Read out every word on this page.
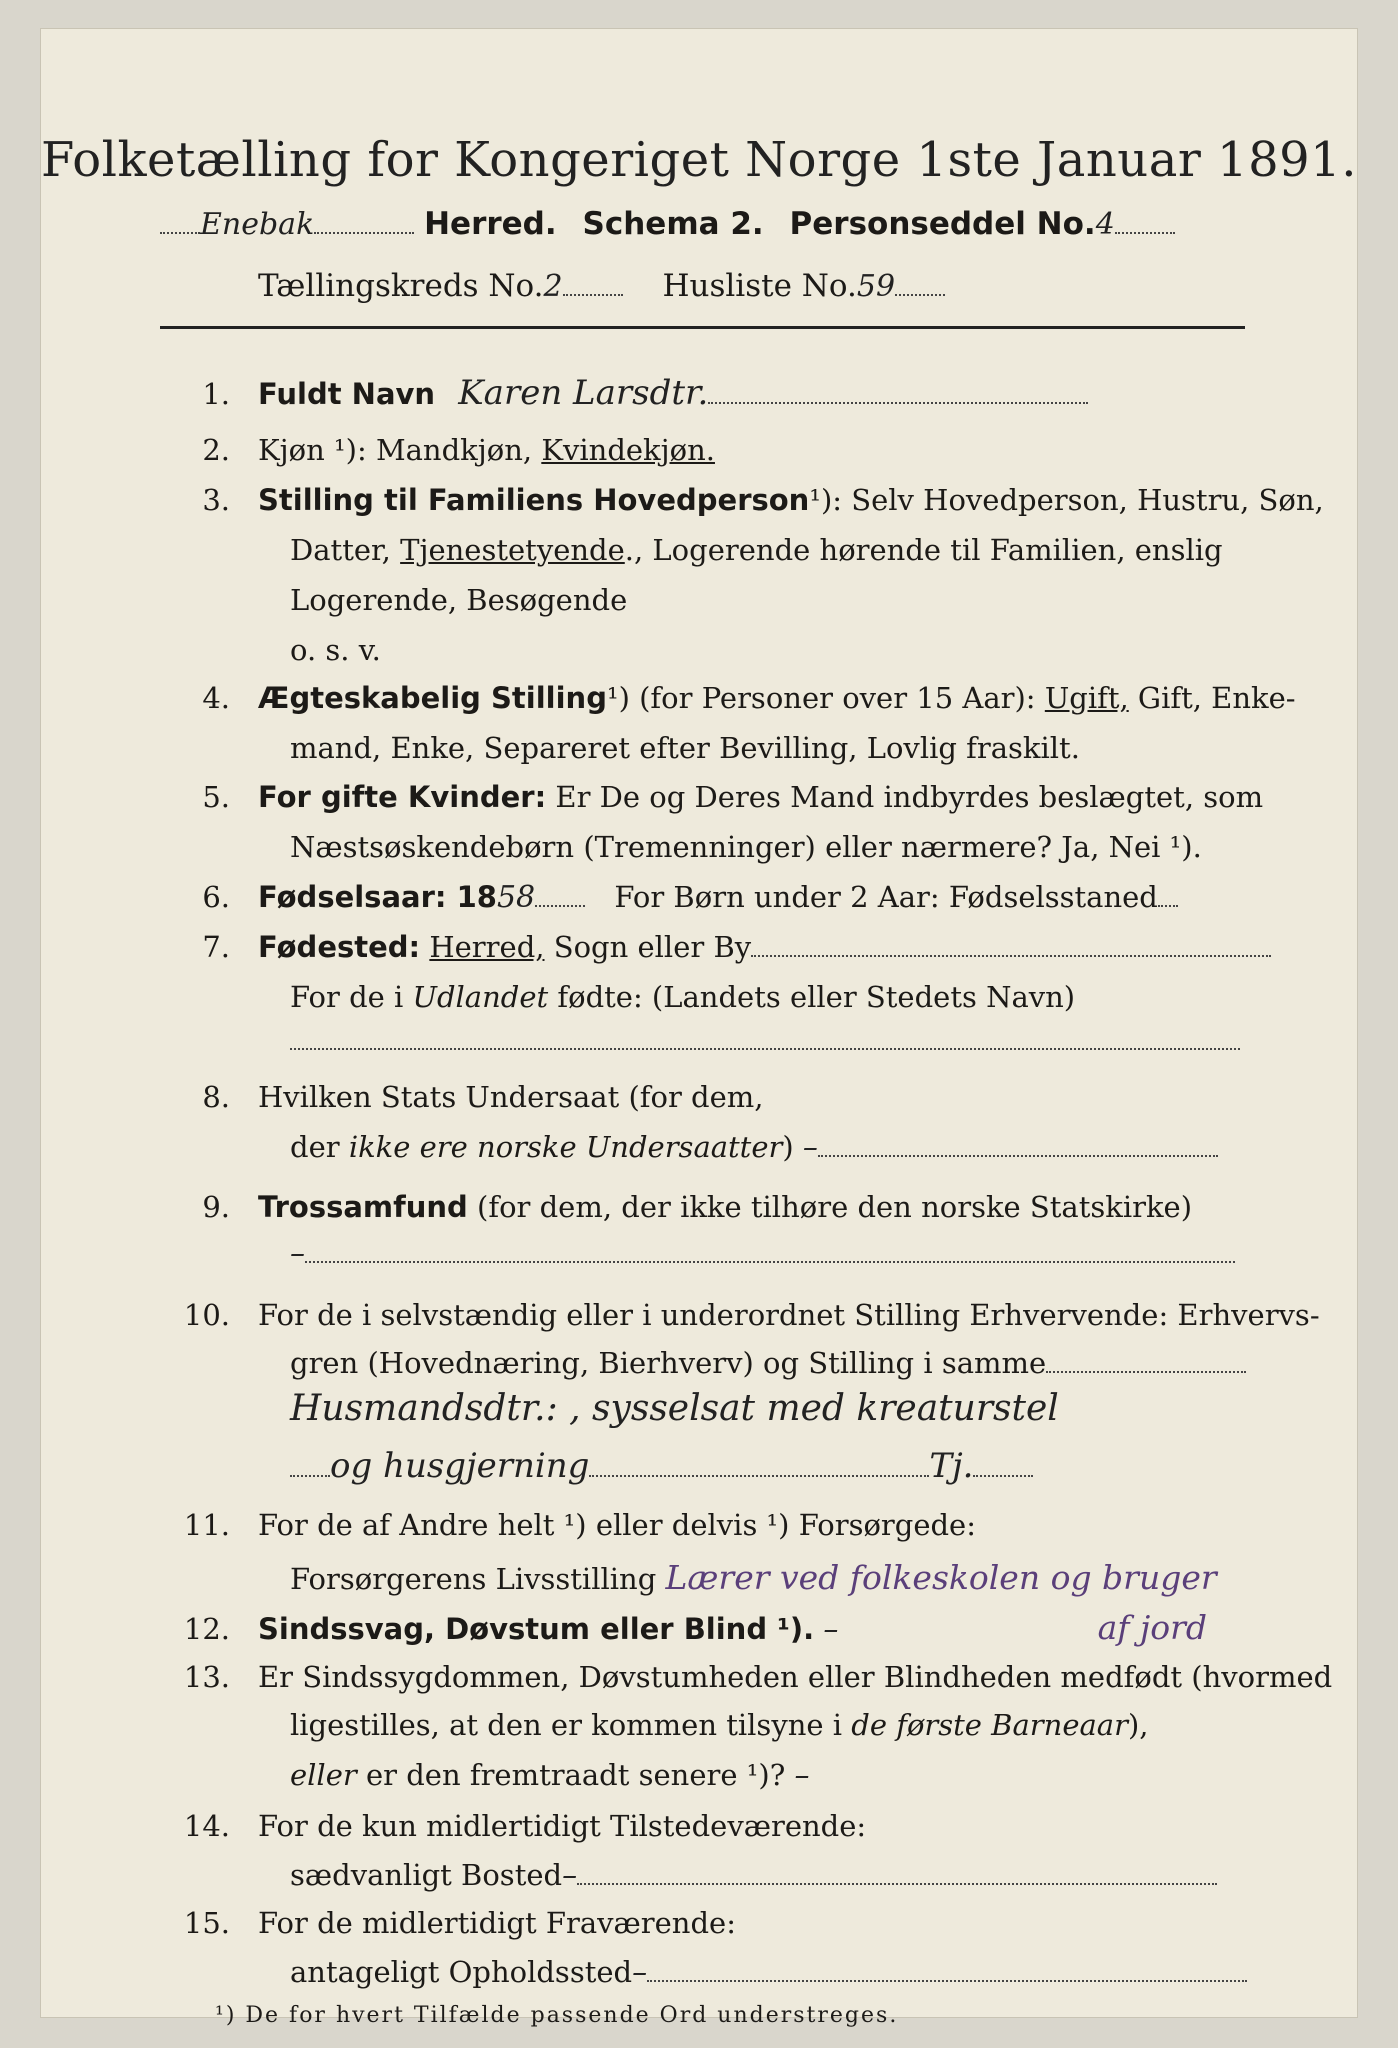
Folketælling for Kongeriget Norge 1ste Januar 1891.
Enebak	Herred. Schema 2. Personseddel No.4
Tællingskreds No.2	Husliste No.59
1. Fuldt Navn Karen Larsdtr.
2. Kjøn ¹): Mandkjøn, Kvindekjøn.
3. Stilling til Familiens Hovedperson¹): Selv Hovedperson, Hustru, Søn,
Datter, Tjenestetyende., Logerende hørende til Familien, enslig
Logerende, Besøgende
o. s. v.
4. Ægteskabelig Stilling¹) (for Personer over 15 Aar): Ugift, Gift, Enke-
mand, Enke, Separeret efter Bevilling, Lovlig fraskilt.
5. For gifte Kvinder: Er De og Deres Mand indbyrdes beslægtet, som
Næstsøskendebørn (Tremenninger) eller nærmere? Ja, Nei ¹).
6. Fødselsaar: 1858	For Børn under 2 Aar: Fødselsstaned
7. Fødested: Herred, Sogn eller By
For de i Udlandet fødte: (Landets eller Stedets Navn)
8. Hvilken Stats Undersaat (for dem,
der ikke ere norske Undersaatter) –
9. Trossamfund (for dem, der ikke tilhøre den norske Statskirke)
–
10. For de i selvstændig eller i underordnet Stilling Erhvervende: Erhvervs-
gren (Hovednæring, Bierhverv) og Stilling i samme
Husmandsdtr.: , sysselsat med kreaturstel
og husgjerning	Tj.
11. For de af Andre helt ¹) eller delvis ¹) Forsørgede:
Forsørgerens Livsstilling Lærer ved folkeskolen og bruger
12. Sindssvag, Døvstum eller Blind ¹). –	af jord
13. Er Sindssygdommen, Døvstumheden eller Blindheden medfødt (hvormed
ligestilles, at den er kommen tilsyne i de første Barneaar),
eller er den fremtraadt senere ¹)? –
14. For de kun midlertidigt Tilstedeværende:
sædvanligt Bosted–
15. For de midlertidigt Fraværende:
antageligt Opholdssted–
¹) De for hvert Tilfælde passende Ord understreges.
